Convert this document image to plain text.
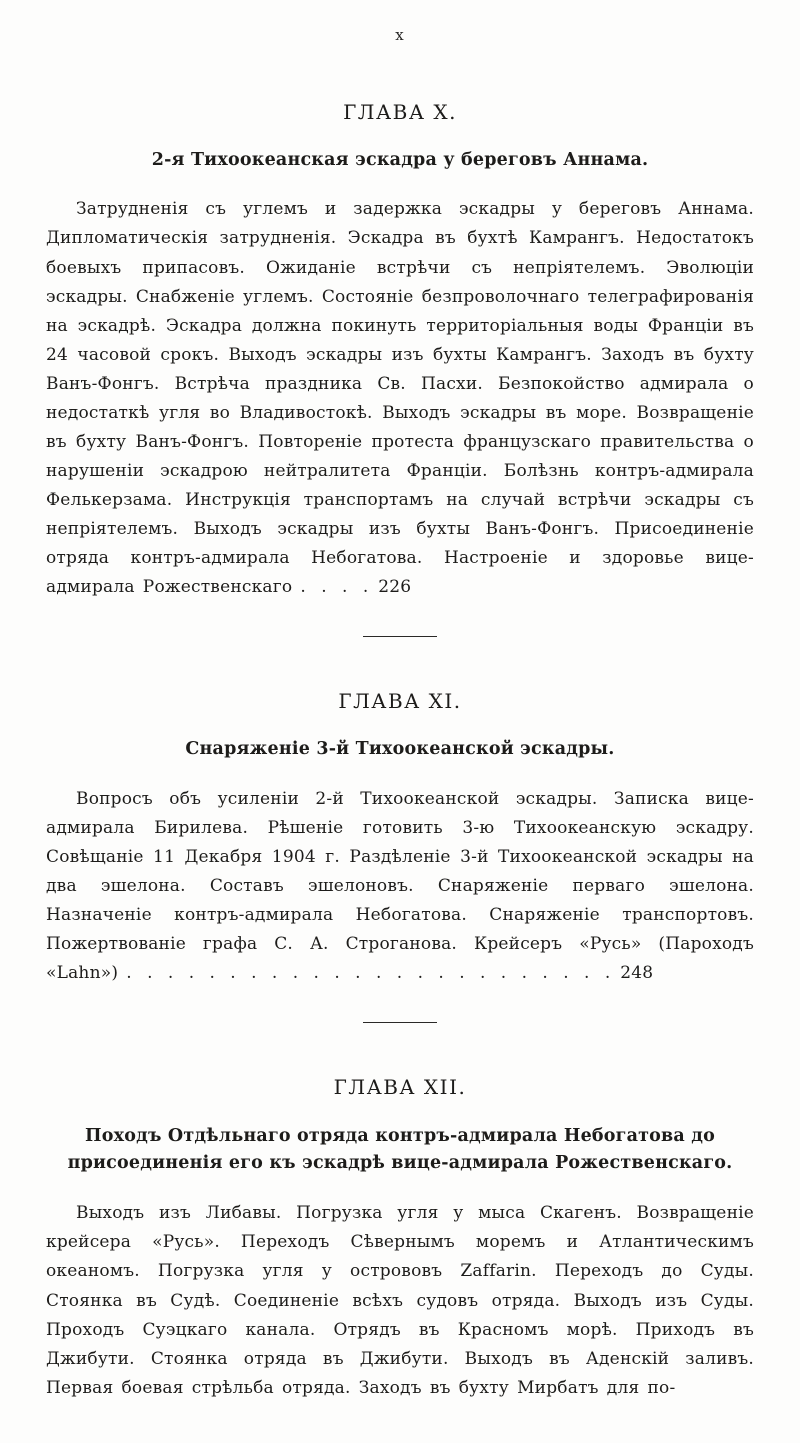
x
ГЛАВА X.
2-я Тихоокеанская эскадра у береговъ Аннама.

Затрудненія съ углемъ и задержка эскадры у береговъ Аннама. Дипломатическія затрудненія. Эскадра въ бухтѣ Камрангъ. Недостатокъ боевыхъ припасовъ. Ожиданіе встрѣчи съ непріятелемъ. Эволюціи эскадры. Снабженіе углемъ. Состояніе безпроволочнаго телеграфированія на эскадрѣ. Эскадра должна покинуть территоріальныя воды Франціи въ 24 часовой срокъ. Выходъ эскадры изъ бухты Камрангъ. Заходъ въ бухту Ванъ-Фонгъ. Встрѣча праздника Св. Пасхи. Безпокойство адмирала о недостаткѣ угля во Владивостокѣ. Выходъ эскадры въ море. Возвращеніе въ бухту Ванъ-Фонгъ. Повтореніе протеста французскаго правительства о нарушеніи эскадрою нейтралитета Франціи. Болѣзнь контръ-адмирала Фелькерзама. Инструкція транспортамъ на случай встрѣчи эскадры съ непріятелемъ. Выходъ эскадры изъ бухты Ванъ-Фонгъ. Присоединеніе отряда контръ-адмирала Небогатова. Настроеніе и здоровье вице-адмирала Рожественскаго . . . . 226

ГЛАВА XI.
Снаряженіе 3-й Тихоокеанской эскадры.

Вопросъ объ усиленіи 2-й Тихоокеанской эскадры. Записка вице-адмирала Бирилева. Рѣшеніе готовить 3-ю Тихоокеанскую эскадру. Совѣщаніе 11 Декабря 1904 г. Раздѣленіе 3-й Тихоокеанской эскадры на два эшелона. Составъ эшелоновъ. Снаряженіе перваго эшелона. Назначеніе контръ-адмирала Небогатова. Снаряженіе транспортовъ. Пожертвованіе графа С. А. Строганова. Крейсеръ «Русь» (Пароходъ «Lahn») . . . . . . . . . . . . . . . . . . . . . . . . 248

ГЛАВА XII.
Походъ Отдѣльнаго отряда контръ-адмирала Небогатова до присоединенія его къ эскадрѣ вице-адмирала Рожественскаго.

Выходъ изъ Либавы. Погрузка угля у мыса Скагенъ. Возвращеніе крейсера «Русь». Переходъ Сѣвернымъ моремъ и Атлантическимъ океаномъ. Погрузка угля у острововъ Zaffarin. Переходъ до Суды. Стоянка въ Судѣ. Соединеніе всѣхъ судовъ отряда. Выходъ изъ Суды. Проходъ Суэцкаго канала. Отрядъ въ Красномъ морѣ. Приходъ въ Джибути. Стоянка отряда въ Джибути. Выходъ въ Аденскій заливъ. Первая боевая стрѣльба отряда. Заходъ въ бухту Мирбатъ для по-
